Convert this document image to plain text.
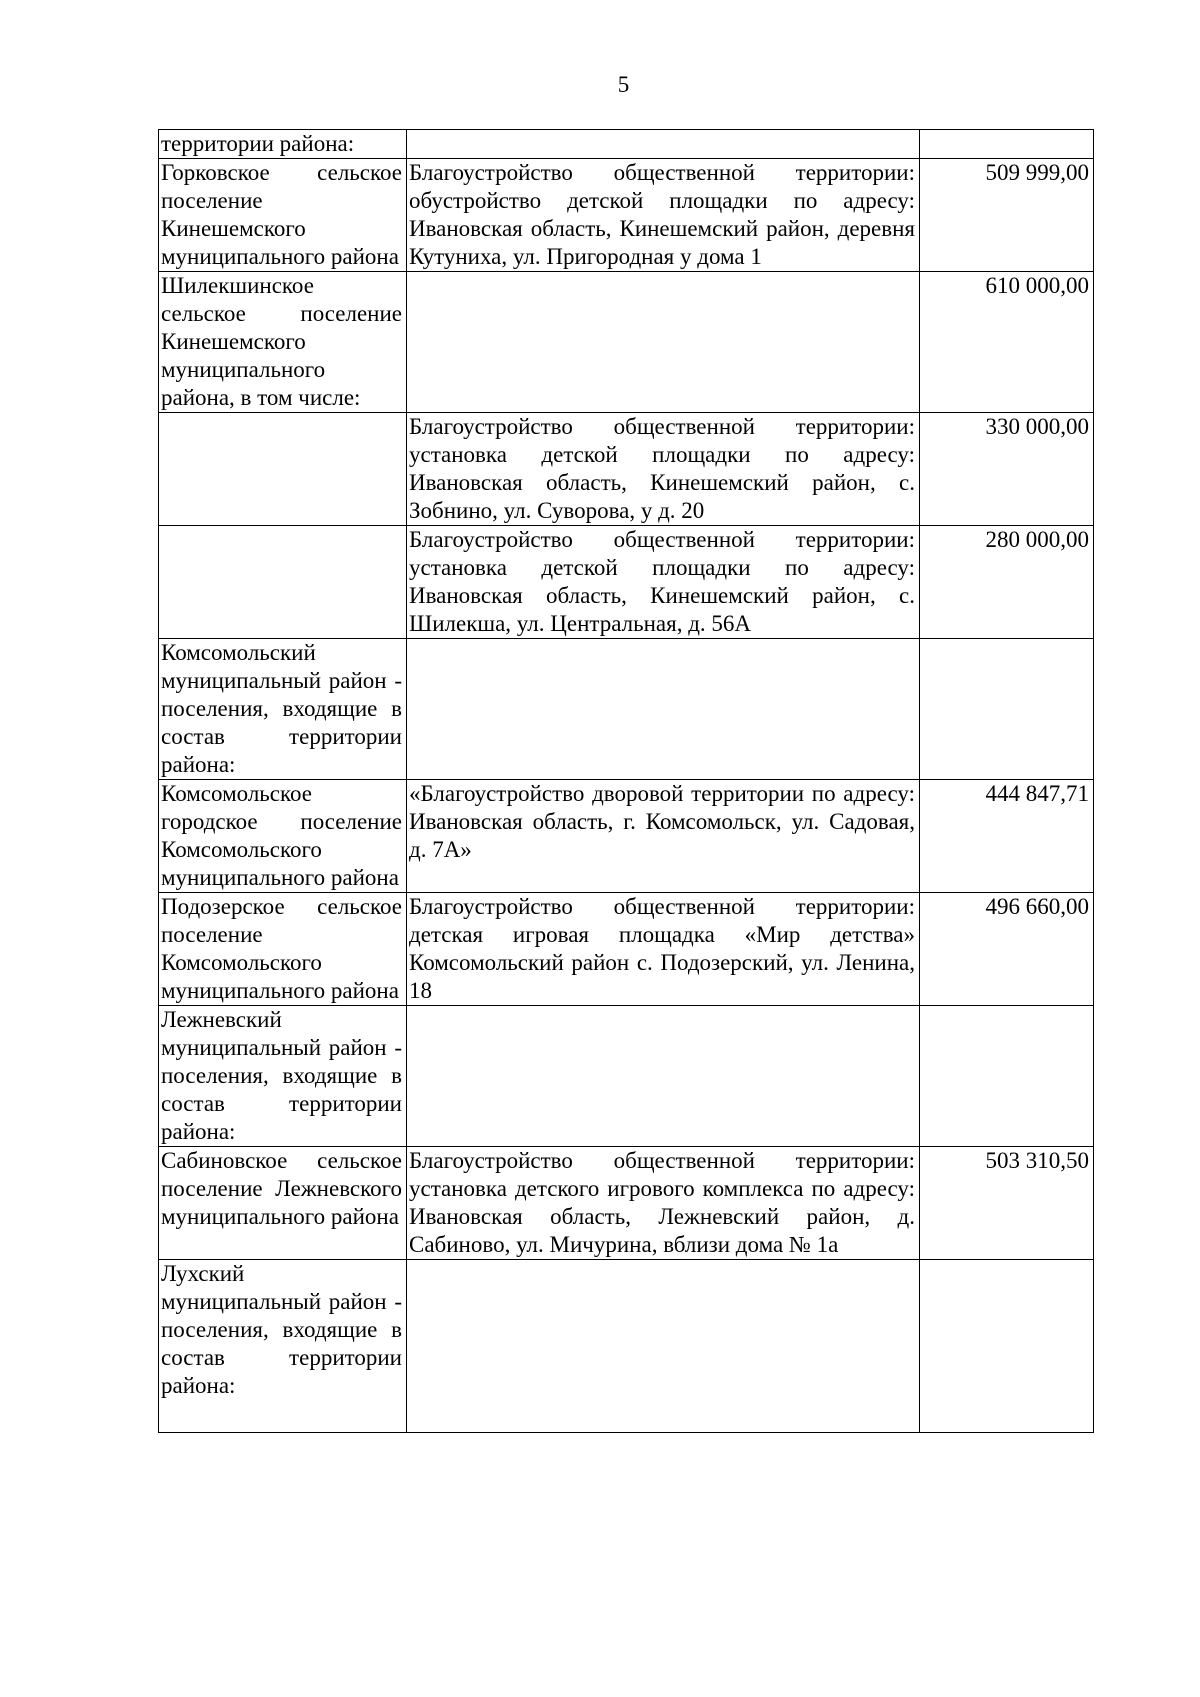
5
территории района:		
Горковское сельское поселение Кинешемского муниципального района	Благоустройство общественной территории: обустройство детской площадки по адресу: Ивановская область, Кинешемский район, деревня Кутуниха, ул. Пригородная у дома 1	509 999,00
Шилекшинское сельское поселение Кинешемского муниципального района, в том числе:		610 000,00
	Благоустройство общественной территории: установка детской площадки по адресу: Ивановская область, Кинешемский район, с. Зобнино, ул. Суворова, у д. 20	330 000,00
	Благоустройство общественной территории: установка детской площадки по адресу: Ивановская область, Кинешемский район, с. Шилекша, ул. Центральная, д. 56А	280 000,00
Комсомольский муниципальный район - поселения, входящие в состав территории района:		
Комсомольское городское поселение Комсомольского муниципального района	«Благоустройство дворовой территории по адресу: Ивановская область, г. Комсомольск, ул. Садовая, д. 7А»	444 847,71
Подозерское сельское поселение Комсомольского муниципального района	Благоустройство общественной территории: детская игровая площадка «Мир детства» Комсомольский район с. Подозерский, ул. Ленина, 18	496 660,00
Лежневский муниципальный район - поселения, входящие в состав территории района:		
Сабиновское сельское поселение Лежневского муниципального района	Благоустройство общественной территории: установка детского игрового комплекса по адресу: Ивановская область, Лежневский район, д. Сабиново, ул. Мичурина, вблизи дома № 1а	503 310,50
Лухский муниципальный район - поселения, входящие в состав территории района:		
